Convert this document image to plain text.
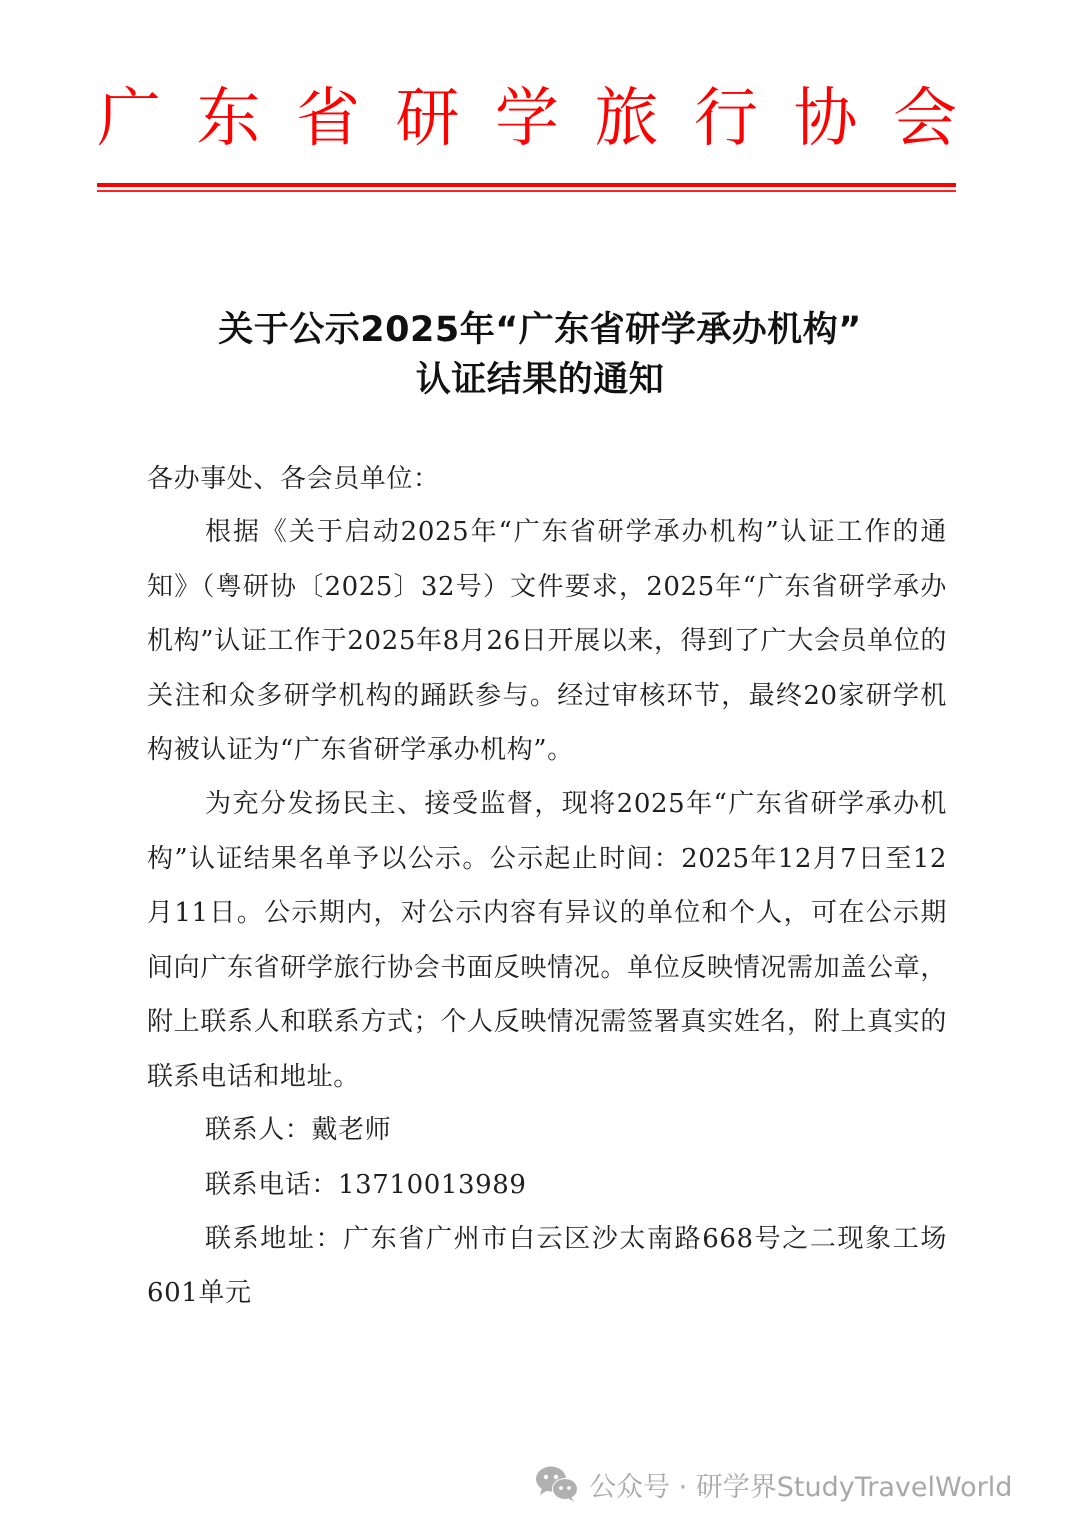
广 东 省 研 学 旅 行 协 会
关于公示2025年“广东省研学承办机构”
认证结果的通知
各办事处、各会员单位：
根据《关于启动2025年“广东省研学承办机构”认证工作的通知》（粤研协〔2025〕32号）文件要求，2025年“广东省研学承办机构”认证工作于2025年8月26日开展以来，得到了广大会员单位的关注和众多研学机构的踊跃参与。经过审核环节，最终20家研学机构被认证为“广东省研学承办机构”。
为充分发扬民主、接受监督，现将2025年“广东省研学承办机构”认证结果名单予以公示。公示起止时间：2025年12月7日至12月11日。公示期内，对公示内容有异议的单位和个人，可在公示期间向广东省研学旅行协会书面反映情况。单位反映情况需加盖公章，附上联系人和联系方式；个人反映情况需签署真实姓名，附上真实的联系电话和地址。
联系人：戴老师
联系电话：13710013989
联系地址：广东省广州市白云区沙太南路668号之二现象工场601单元
公众号 · 研学界StudyTravelWorld
